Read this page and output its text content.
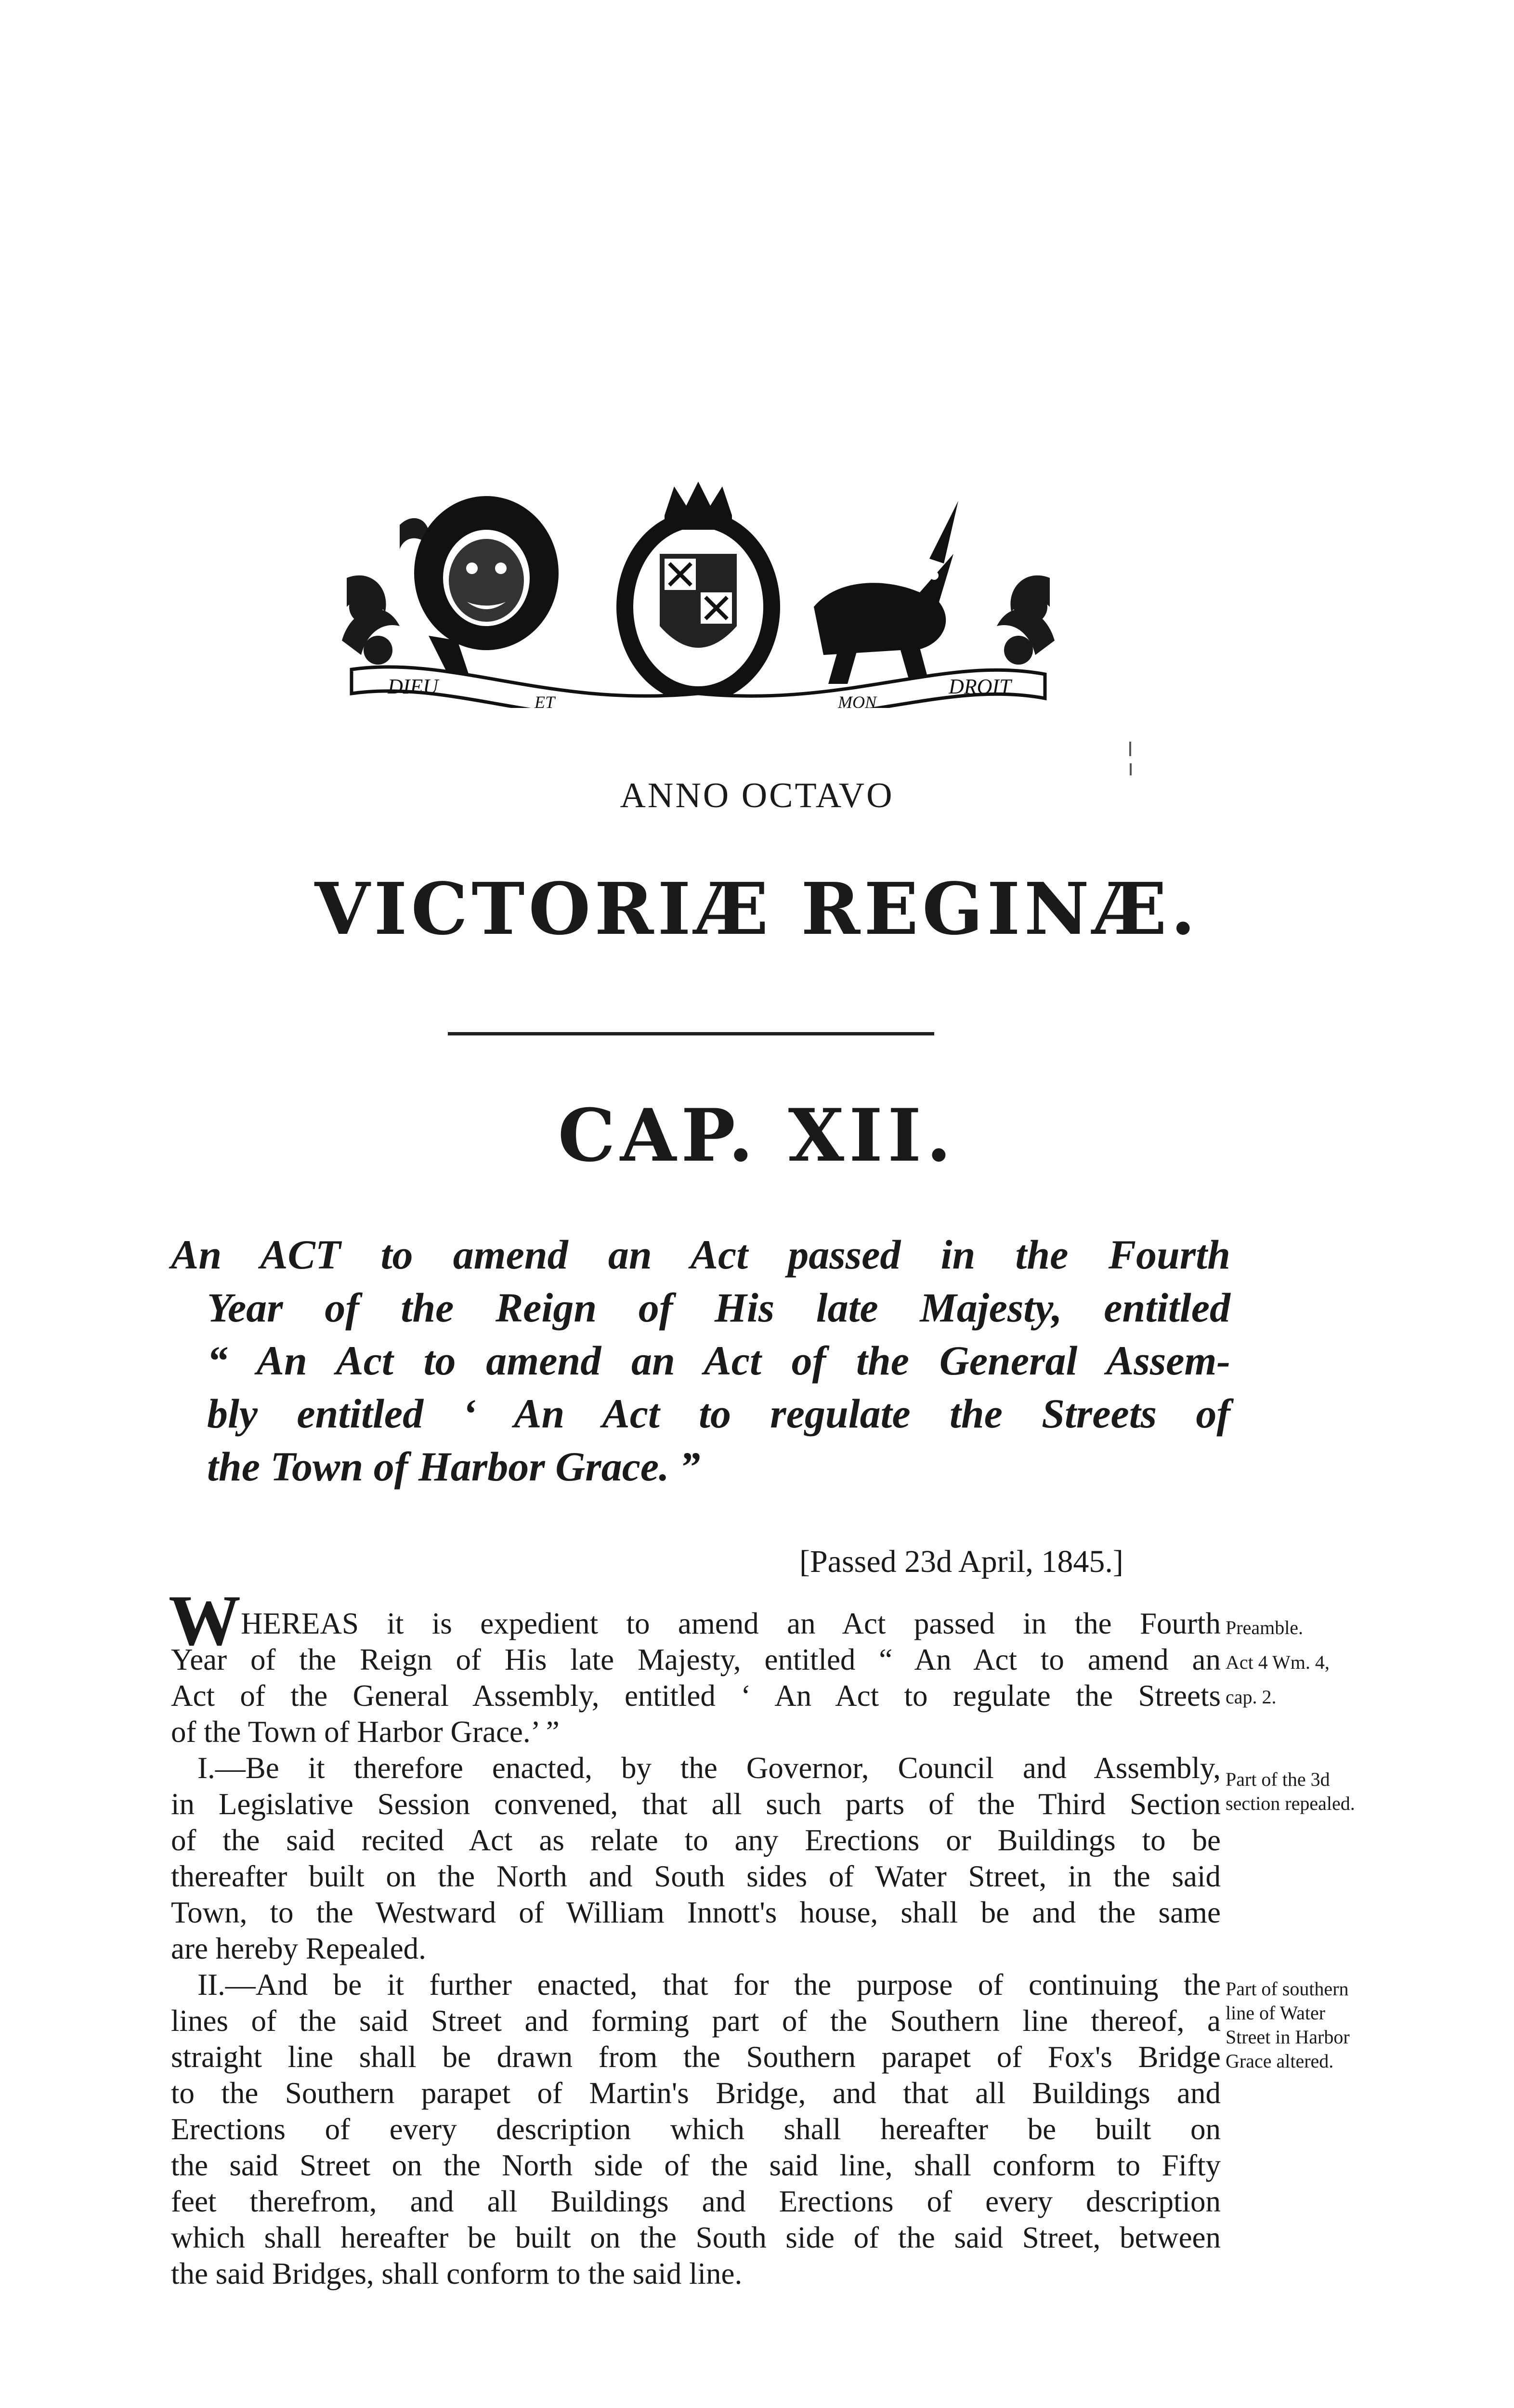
DIEU
ET	MON
DROIT
ANNO OCTAVO
VICTORIÆ REGINÆ.
CAP. XII.
An ACT to amend an Act passed in the Fourth
Year of the Reign of His late Majesty, entitled
“ An Act to amend an Act of the General Assem-
bly entitled ‘ An Act to regulate the Streets of
the Town of Harbor Grace. ”
[Passed 23d April, 1845.]
W HEREAS it is expedient to amend an Act passed in the Fourth
Year of the Reign of His late Majesty, entitled “ An Act to amend an
Act of the General Assembly, entitled ‘ An Act to regulate the Streets
of the Town of Harbor Grace.’ ”
I.—Be it therefore enacted, by the Governor, Council and Assembly,
in Legislative Session convened, that all such parts of the Third Section
of the said recited Act as relate to any Erections or Buildings to be
thereafter built on the North and South sides of Water Street, in the said
Town, to the Westward of William Innott's house, shall be and the same
are hereby Repealed.
II.—And be it further enacted, that for the purpose of continuing the
lines of the said Street and forming part of the Southern line thereof, a
straight line shall be drawn from the Southern parapet of Fox's Bridge
to the Southern parapet of Martin's Bridge, and that all Buildings and
Erections of every description which shall hereafter be built on
the said Street on the North side of the said line, shall conform to Fifty
feet therefrom, and all Buildings and Erections of every description
which shall hereafter be built on the South side of the said Street, between
the said Bridges, shall conform to the said line.
Preamble.
Act 4 Wm. 4,
cap. 2.
Part of the 3d
section repealed.
Part of southern
line of Water
Street in Harbor
Grace altered.
